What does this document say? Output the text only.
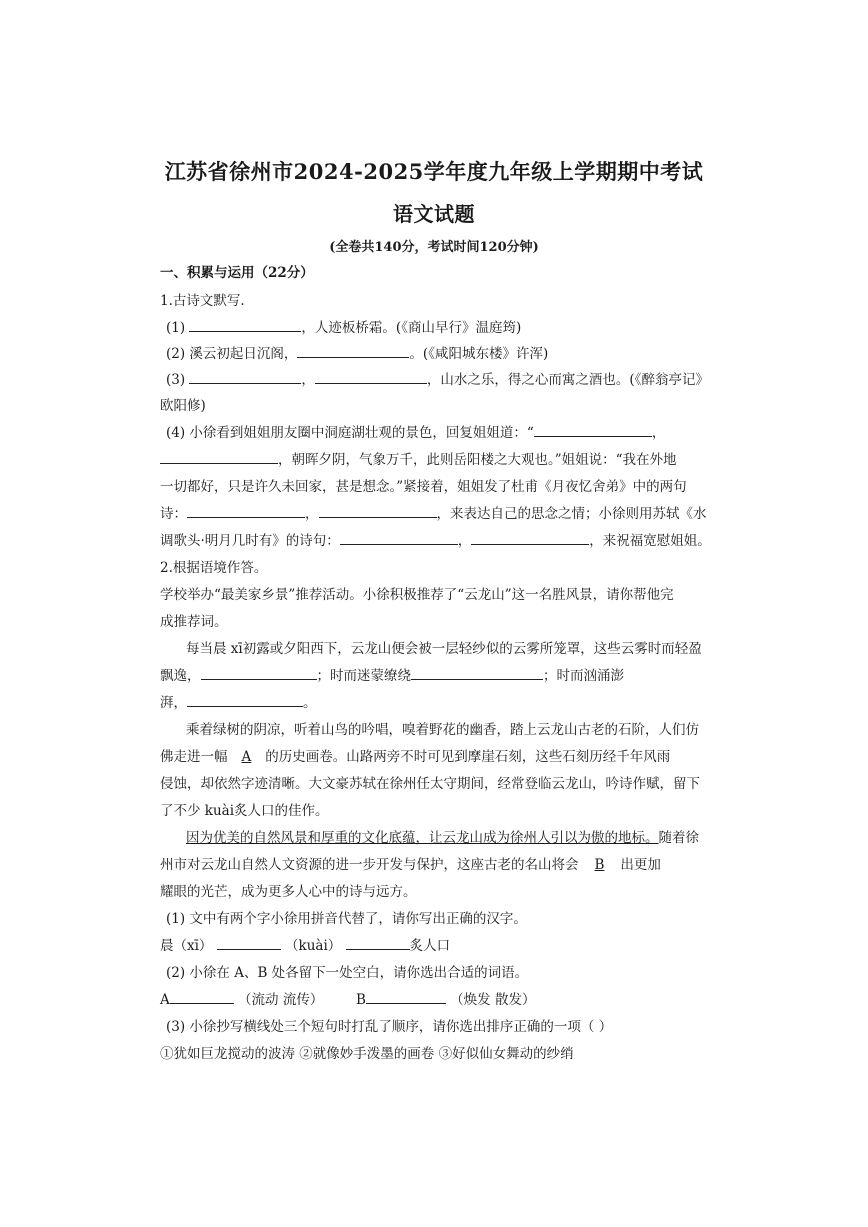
江苏省徐州市2024-2025学年度九年级上学期期中考试
语文试题
(全卷共140分，考试时间120分钟)
一、积累与运用（22分）
1.古诗文默写.
(1)	，人迹板桥霜。(《商山早行》温庭筠)
(2) 溪云初起日沉阁，	。(《咸阳城东楼》许浑)
(3)	，	，山水之乐，得之心而寓之酒也。(《醉翁亭记》
欧阳修)
(4) 小徐看到姐姐朋友圈中洞庭湖壮观的景色，回复姐姐道：“	，
，朝晖夕阴，气象万千，此则岳阳楼之大观也。”姐姐说：“我在外地
一切都好，只是许久未回家，甚是想念。”紧接着，姐姐发了杜甫《月夜忆舍弟》中的两句
诗：	，	，来表达自己的思念之情；小徐则用苏轼《水
调歌头·明月几时有》的诗句：	，	，来祝福宽慰姐姐。
2.根据语境作答。
学校举办“最美家乡景”推荐活动。小徐积极推荐了“云龙山”这一名胜风景，请你帮他完
成推荐词。
每当晨 xī初露或夕阳西下，云龙山便会被一层轻纱似的云雾所笼罩，这些云雾时而轻盈
飘逸，	；时而迷蒙缭绕	；时而汹涌澎
湃，	。
乘着绿树的阴凉，听着山鸟的吟唱，嗅着野花的幽香，踏上云龙山古老的石阶，人们仿
佛走进一幅 A 的历史画卷。山路两旁不时可见到摩崖石刻，这些石刻历经千年风雨
侵蚀，却依然字迹清晰。大文豪苏轼在徐州任太守期间，经常登临云龙山，吟诗作赋，留下
了不少 kuài炙人口的佳作。
因为优美的自然风景和厚重的文化底蕴，让云龙山成为徐州人引以为傲的地标。随着徐
州市对云龙山自然人文资源的进一步开发与保护，这座古老的名山将会 B 出更加
耀眼的光芒，成为更多人心中的诗与远方。
(1) 文中有两个字小徐用拼音代替了，请你写出正确的汉字。
晨（xī）	（kuài）	炙人口
(2) 小徐在 A、B 处各留下一处空白，请你选出合适的词语。
A	（流动 流传） B	（焕发 散发）
(3) 小徐抄写横线处三个短句时打乱了顺序，请你选出排序正确的一项（ ）
①犹如巨龙搅动的波涛 ②就像妙手泼墨的画卷 ③好似仙女舞动的纱绡
